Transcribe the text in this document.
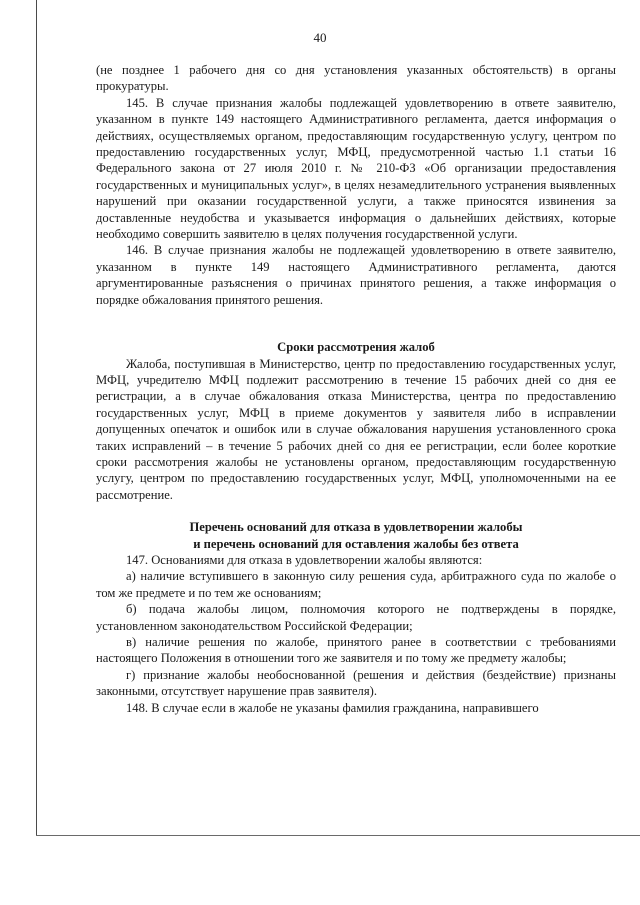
40

(не позднее 1 рабочего дня со дня установления указанных обстоятельств) в органы прокуратуры.

145. В случае признания жалобы подлежащей удовлетворению в ответе заявителю, указанном в пункте 149 настоящего Административного регламента, дается информация о действиях, осуществляемых органом, предоставляющим государственную услугу, центром по предоставлению государственных услуг, МФЦ, предусмотренной частью 1.1 статьи 16 Федерального закона от 27 июля 2010 г. № 210-ФЗ «Об организации предоставления государственных и муниципальных услуг», в целях незамедлительного устранения выявленных нарушений при оказании государственной услуги, а также приносятся извинения за доставленные неудобства и указывается информация о дальнейших действиях, которые необходимо совершить заявителю в целях получения государственной услуги.

146. В случае признания жалобы не подлежащей удовлетворению в ответе заявителю, указанном в пункте 149 настоящего Административного регламента, даются аргументированные разъяснения о причинах принятого решения, а также информация о порядке обжалования принятого решения.

Сроки рассмотрения жалоб

Жалоба, поступившая в Министерство, центр по предоставлению государственных услуг, МФЦ, учредителю МФЦ подлежит рассмотрению в течение 15 рабочих дней со дня ее регистрации, а в случае обжалования отказа Министерства, центра по предоставлению государственных услуг, МФЦ в приеме документов у заявителя либо в исправлении допущенных опечаток и ошибок или в случае обжалования нарушения установленного срока таких исправлений – в течение 5 рабочих дней со дня ее регистрации, если более короткие сроки рассмотрения жалобы не установлены органом, предоставляющим государственную услугу, центром по предоставлению государственных услуг, МФЦ, уполномоченными на ее рассмотрение.

Перечень оснований для отказа в удовлетворении жалобы

и перечень оснований для оставления жалобы без ответа

147. Основаниями для отказа в удовлетворении жалобы являются:

а) наличие вступившего в законную силу решения суда, арбитражного суда по жалобе о том же предмете и по тем же основаниям;

б) подача жалобы лицом, полномочия которого не подтверждены в порядке, установленном законодательством Российской Федерации;

в) наличие решения по жалобе, принятого ранее в соответствии с требованиями настоящего Положения в отношении того же заявителя и по тому же предмету жалобы;

г) признание жалобы необоснованной (решения и действия (бездействие) признаны законными, отсутствует нарушение прав заявителя).

148. В случае если в жалобе не указаны фамилия гражданина, направившего
